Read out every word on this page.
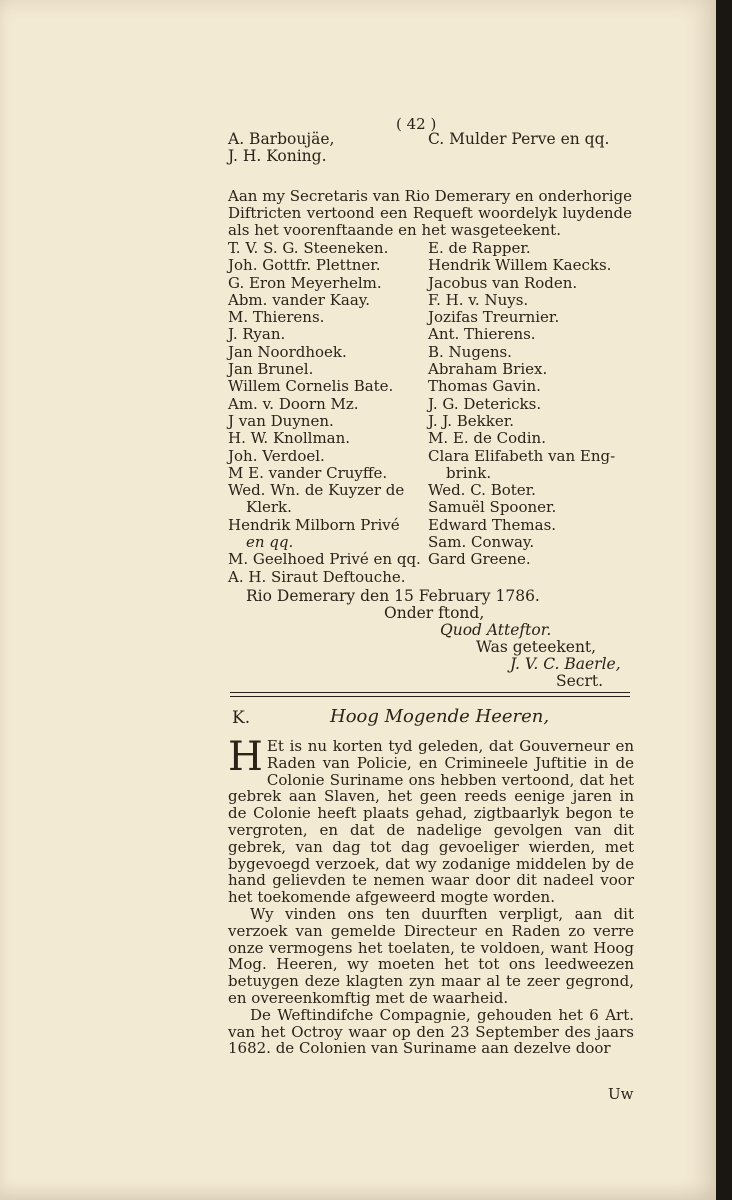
( 42 )
A. Barboujäe,
J. H. Koning.
C. Mulder Perve en qq.
Aan my Secretaris van Rio Demerary en onderhorige Diftricten vertoond een Requeft woordelyk luydende als het voorenftaande en het wasgeteekent.
T. V. S. G. Steeneken.
Joh. Gottfr. Plettner.
G. Eron Meyerhelm.
Abm. vander Kaay.
M. Thierens.
J. Ryan.
Jan Noordhoek.
Jan Brunel.
Willem Cornelis Bate.
Am. v. Doorn Mz.
J van Duynen.
H. W. Knollman.
Joh. Verdoel.
M E. vander Cruyffe.
Wed. Wn. de Kuyzer de
Klerk.
Hendrik Milborn Privé
en qq.
M. Geelhoed Privé en qq.
A. H. Siraut Deftouche.
E. de Rapper.
Hendrik Willem Kaecks.
Jacobus van Roden.
F. H. v. Nuys.
Jozifas Treurnier.
Ant. Thierens.
B. Nugens.
Abraham Briex.
Thomas Gavin.
J. G. Detericks.
J. J. Bekker.
M. E. de Codin.
Clara Elifabeth van Eng-
brink.
Wed. C. Boter.
Samuël Spooner.
Edward Themas.
Sam. Conway.
Gard Greene.
Rio Demerary den 15 February 1786.
Onder ftond,
Quod Atteftor.
Was geteekent,
J. V. C. Baerle,
Secrt.
K.	Hoog Mogende Heeren,

H Et is nu korten tyd geleden, dat Gouverneur en Raden van Policie, en Crimineele Juftitie in de Colonie Suriname ons hebben vertoond, dat het gebrek aan Slaven, het geen reeds eenige jaren in de Colonie heeft plaats gehad, zigtbaarlyk begon te vergroten, en dat de nadelige gevolgen van dit gebrek, van dag tot dag gevoeliger wierden, met bygevoegd verzoek, dat wy zodanige middelen by de hand gelievden te nemen waar door dit nadeel voor het toekomende afgeweerd mogte worden.

Wy vinden ons ten duurften verpligt, aan dit verzoek van gemelde Directeur en Raden zo verre onze vermogens het toelaten, te voldoen, want Hoog Mog. Heeren, wy moeten het tot ons leedweezen betuygen deze klagten zyn maar al te zeer gegrond, en overeenkomftig met de waarheid.

De Weftindifche Compagnie, gehouden het 6 Art. van het Octroy waar op den 23 September des jaars 1682. de Colonien van Suriname aan dezelve door

Uw
